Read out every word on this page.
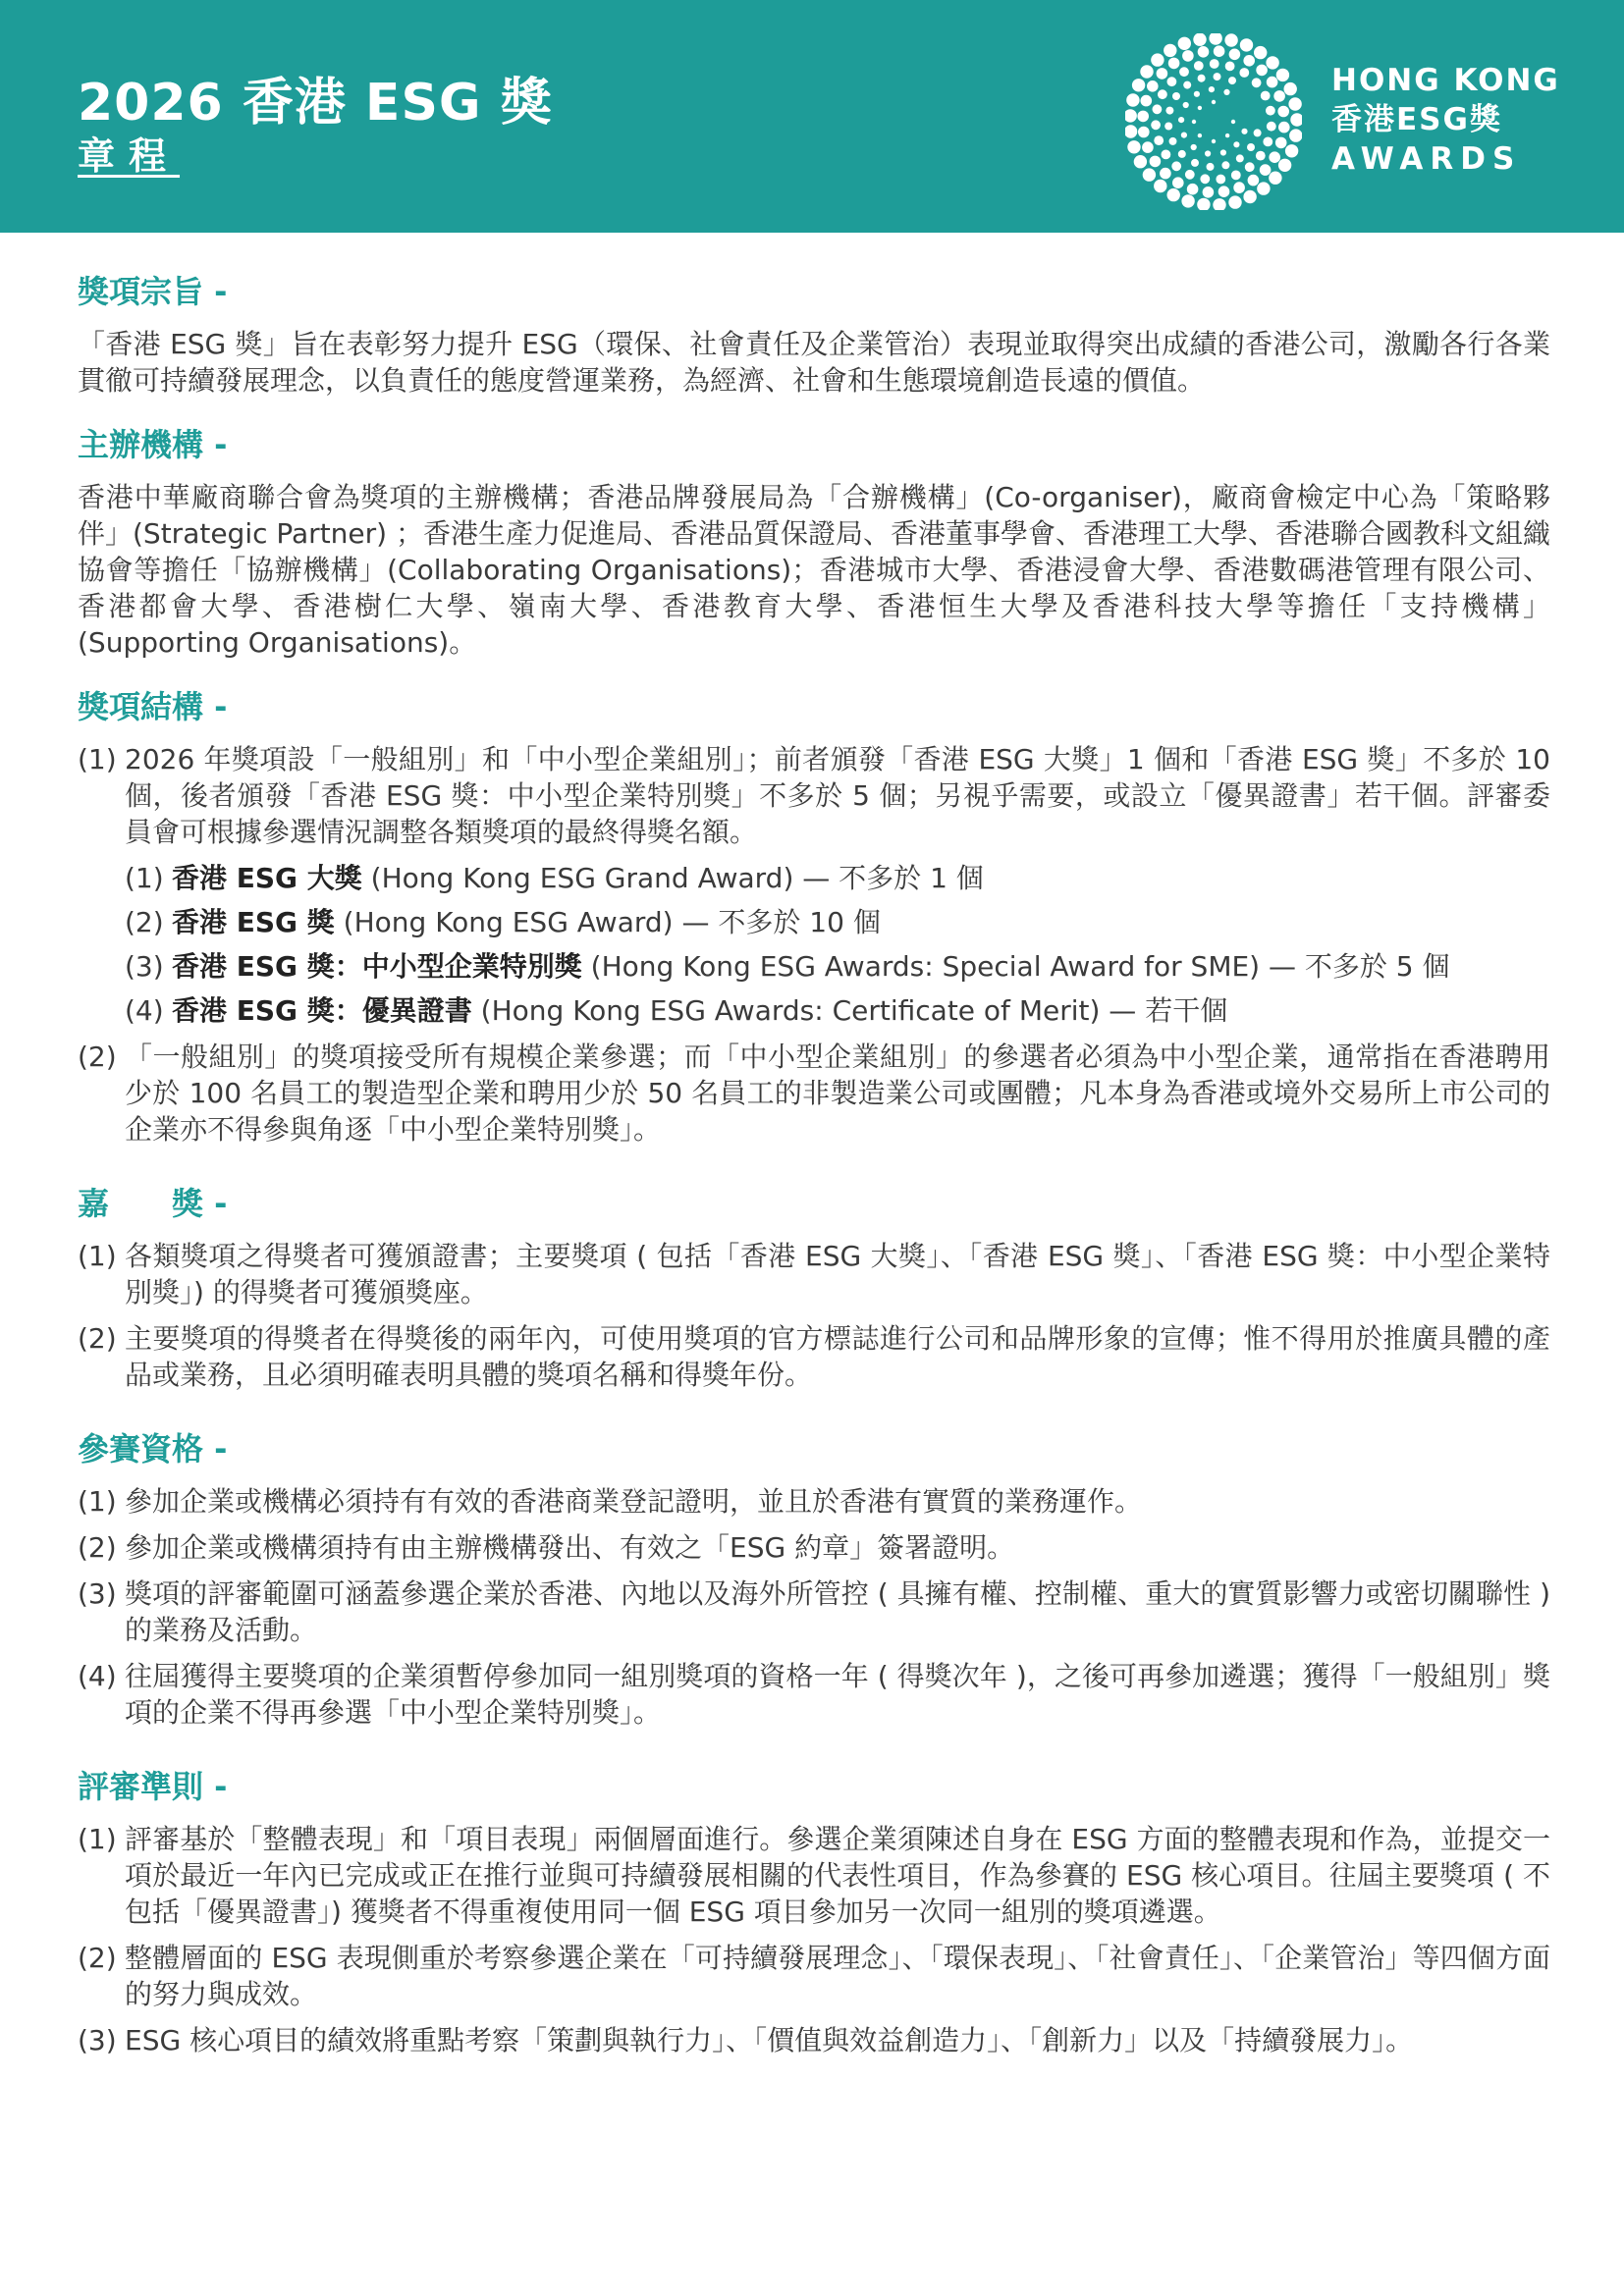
2026 香港 ESG 獎
章程
HONG KONG
香港ESG獎
AWARDS
獎項宗旨 -

「香港 ESG 獎」旨在表彰努力提升 ESG（環保、社會責任及企業管治）表現並取得突出成績的香港公司，激勵各行各業貫徹可持續發展理念，以負責任的態度營運業務，為經濟、社會和生態環境創造長遠的價值。

主辦機構 -

香港中華廠商聯合會為獎項的主辦機構；香港品牌發展局為「合辦機構」(Co-organiser)，廠商會檢定中心為「策略夥伴」(Strategic Partner) ；香港生產力促進局、香港品質保證局、香港董事學會、香港理工大學、香港聯合國教科文組織協會等擔任「協辦機構」(Collaborating Organisations)；香港城市大學、香港浸會大學、香港數碼港管理有限公司、香港都會大學、香港樹仁大學、嶺南大學、香港教育大學、香港恒生大學及香港科技大學等擔任「支持機構」(Supporting Organisations)。

獎項結構 -
(1) 2026 年獎項設「一般組別」和「中小型企業組別」；前者頒發「香港 ESG 大獎」1 個和「香港 ESG 獎」不多於 10 個，後者頒發「香港 ESG 獎：中小型企業特別獎」不多於 5 個；另視乎需要，或設立「優異證書」若干個。評審委員會可根據參選情況調整各類獎項的最終得獎名額。
(1) 香港 ESG 大獎 (Hong Kong ESG Grand Award) — 不多於 1 個
(2) 香港 ESG 獎 (Hong Kong ESG Award) — 不多於 10 個
(3) 香港 ESG 獎：中小型企業特別獎 (Hong Kong ESG Awards: Special Award for SME) — 不多於 5 個
(4) 香港 ESG 獎：優異證書 (Hong Kong ESG Awards: Certificate of Merit) — 若干個
(2) 「一般組別」的獎項接受所有規模企業參選；而「中小型企業組別」的參選者必須為中小型企業，通常指在香港聘用少於 100 名員工的製造型企業和聘用少於 50 名員工的非製造業公司或團體；凡本身為香港或境外交易所上市公司的企業亦不得參與角逐「中小型企業特別獎」。
嘉　　獎 -
(1) 各類獎項之得獎者可獲頒證書；主要獎項 ( 包括「香港 ESG 大獎」、「香港 ESG 獎」、「香港 ESG 獎：中小型企業特別獎」) 的得獎者可獲頒獎座。
(2) 主要獎項的得獎者在得獎後的兩年內，可使用獎項的官方標誌進行公司和品牌形象的宣傳；惟不得用於推廣具體的產品或業務，且必須明確表明具體的獎項名稱和得獎年份。
參賽資格 -
(1) 參加企業或機構必須持有有效的香港商業登記證明，並且於香港有實質的業務運作。
(2) 參加企業或機構須持有由主辦機構發出、有效之「ESG 約章」簽署證明。
(3) 獎項的評審範圍可涵蓋參選企業於香港、內地以及海外所管控 ( 具擁有權、控制權、重大的實質影響力或密切關聯性 ) 的業務及活動。
(4) 往屆獲得主要獎項的企業須暫停參加同一組別獎項的資格一年 ( 得獎次年 )，之後可再參加遴選；獲得「一般組別」獎項的企業不得再參選「中小型企業特別獎」。
評審準則 -
(1) 評審基於「整體表現」和「項目表現」兩個層面進行。參選企業須陳述自身在 ESG 方面的整體表現和作為，並提交一項於最近一年內已完成或正在推行並與可持續發展相關的代表性項目，作為參賽的 ESG 核心項目。往屆主要獎項 ( 不包括「優異證書」) 獲獎者不得重複使用同一個 ESG 項目參加另一次同一組別的獎項遴選。
(2) 整體層面的 ESG 表現側重於考察參選企業在「可持續發展理念」、「環保表現」、「社會責任」、「企業管治」等四個方面的努力與成效。
(3) ESG 核心項目的績效將重點考察「策劃與執行力」、「價值與效益創造力」、「創新力」以及「持續發展力」。
